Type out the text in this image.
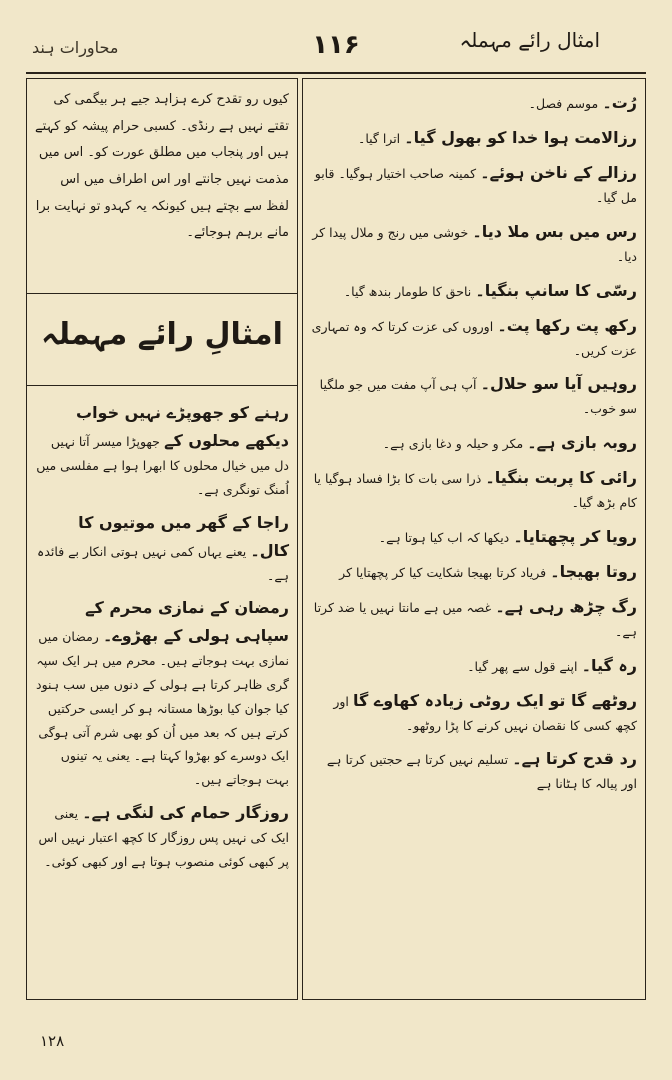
امثال رائے مہملہ
۱۱۶
محاورات ہند

رُت۔ موسم فصل۔

رزالامت ہوا خدا کو بھول گیا۔ اترا گیا۔

رزالے کے ناخن ہوئے۔ کمینہ صاحب اختیار ہوگیا۔ قابو مل گیا۔

رس میں بس ملا دیا۔ خوشی میں رنج و ملال پیدا کر دیا۔

رسّی کا سانپ بنگیا۔ ناحق کا طومار بندھ گیا۔

رکھ پت رکھا پت۔ اوروں کی عزت کرتا کہ وہ تمہاری عزت کریں۔

روہیں آیا سو حلال۔ آپ ہی آپ مفت میں جو ملگیا سو خوب۔

روبہ بازی ہے۔ مکر و حیلہ و دغا بازی ہے۔

رائی کا پربت بنگیا۔ ذرا سی بات کا بڑا فساد ہوگیا یا کام بڑھ گیا۔

رویا کر پچھتایا۔ دیکھا کہ اب کیا ہوتا ہے۔

روتا بھیجا۔ فریاد کرتا بھیجا شکایت کیا کر پچھتایا کر

رگ چڑھ رہی ہے۔ غصہ میں ہے مانتا نہیں یا ضد کرتا ہے۔

رہ گیا۔ اپنے قول سے پھر گیا۔

روٹھے گا تو ایک روٹی زیادہ کھاوے گا اور کچھ کسی کا نقصان نہیں کرنے کا پڑا روٹھو۔

رد قدح کرتا ہے۔ تسلیم نہیں کرتا ہے حجتیں کرتا ہے اور پیالہ کا ہٹانا ہے

کیوں رو تقدح کرے ہزاہد جیے ہر بیگمی کی تقتے نہیں ہے رنڈی۔ کسبی حرام پیشہ کو کہتے ہیں اور پنجاب میں مطلق عورت کو۔ اس میں مذمت نہیں جانتے اور اس اطراف میں اس لفظ سے بچتے ہیں کیونکہ یہ کہدو تو نہایت برا مانے برہم ہوجائے۔
امثالِ رائے مہملہ

رہنے کو جھوپڑے نہیں خواب دیکھے محلوں کے جھوپڑا میسر آتا نہیں دل میں خیال محلوں کا ابھرا ہوا ہے مفلسی میں اُمنگ تونگری ہے۔

راجا کے گھر میں موتیوں کا کال۔ یعنے یہاں کمی نہیں ہوتی انکار بے فائدہ ہے۔

رمضان کے نمازی محرم کے سپاہی ہولی کے بھڑوے۔ رمضان میں نمازی بہت ہوجاتے ہیں۔ محرم میں ہر ایک سپہ گری ظاہر کرتا ہے ہولی کے دنوں میں سب ہنود کیا جوان کیا بوڑھا مستانہ ہو کر ایسی حرکتیں کرتے ہیں کہ بعد میں اُن کو بھی شرم آتی ہوگی ایک دوسرے کو بھڑوا کہتا ہے۔ یعنی یہ تینوں بہت ہوجاتے ہیں۔

روزگار حمام کی لنگی ہے۔ یعنی ایک کی نہیں پس روزگار کا کچھ اعتبار نہیں اس پر کبھی کوئی منصوب ہوتا ہے اور کبھی کوئی۔

۱۲۸
